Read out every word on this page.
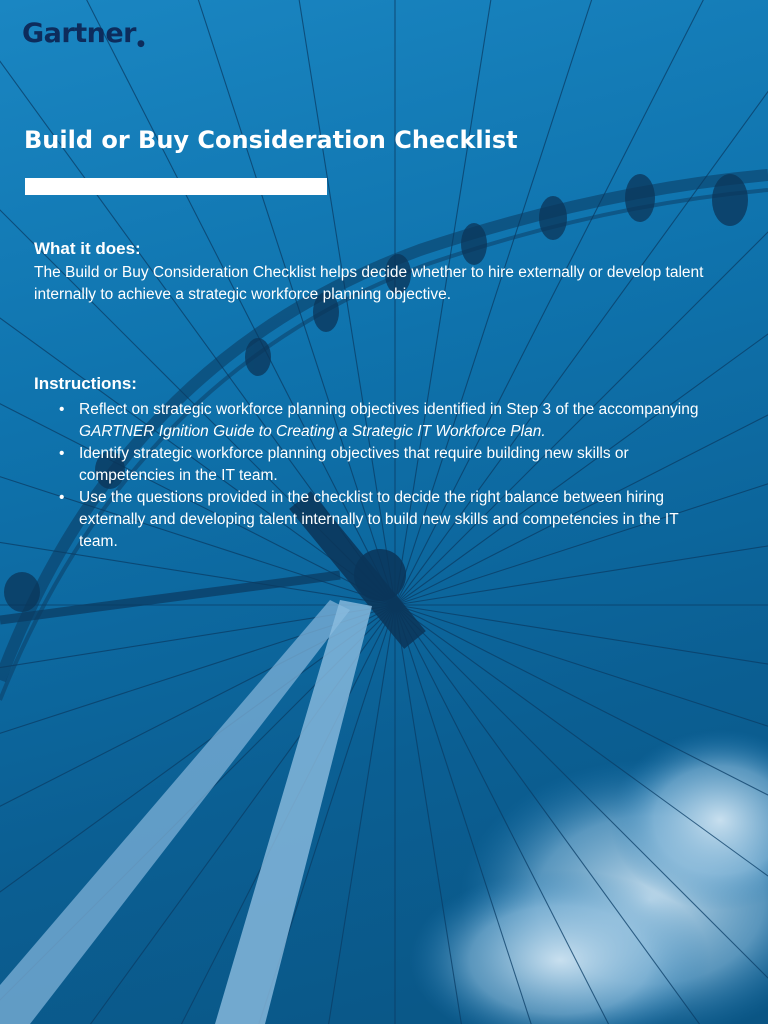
Gartner●
Build or Buy Consideration Checklist

What it does:

The Build or Buy Consideration Checklist helps decide whether to hire externally or develop talent internally to achieve a strategic workforce planning objective.

Instructions:

• Reflect on strategic workforce planning objectives identified in Step 3 of the accompanying GARTNER Ignition Guide to Creating a Strategic IT Workforce Plan.
• Identify strategic workforce planning objectives that require building new skills or competencies in the IT team.
• Use the questions provided in the checklist to decide the right balance between hiring externally and developing talent internally to build new skills and competencies in the IT team.
